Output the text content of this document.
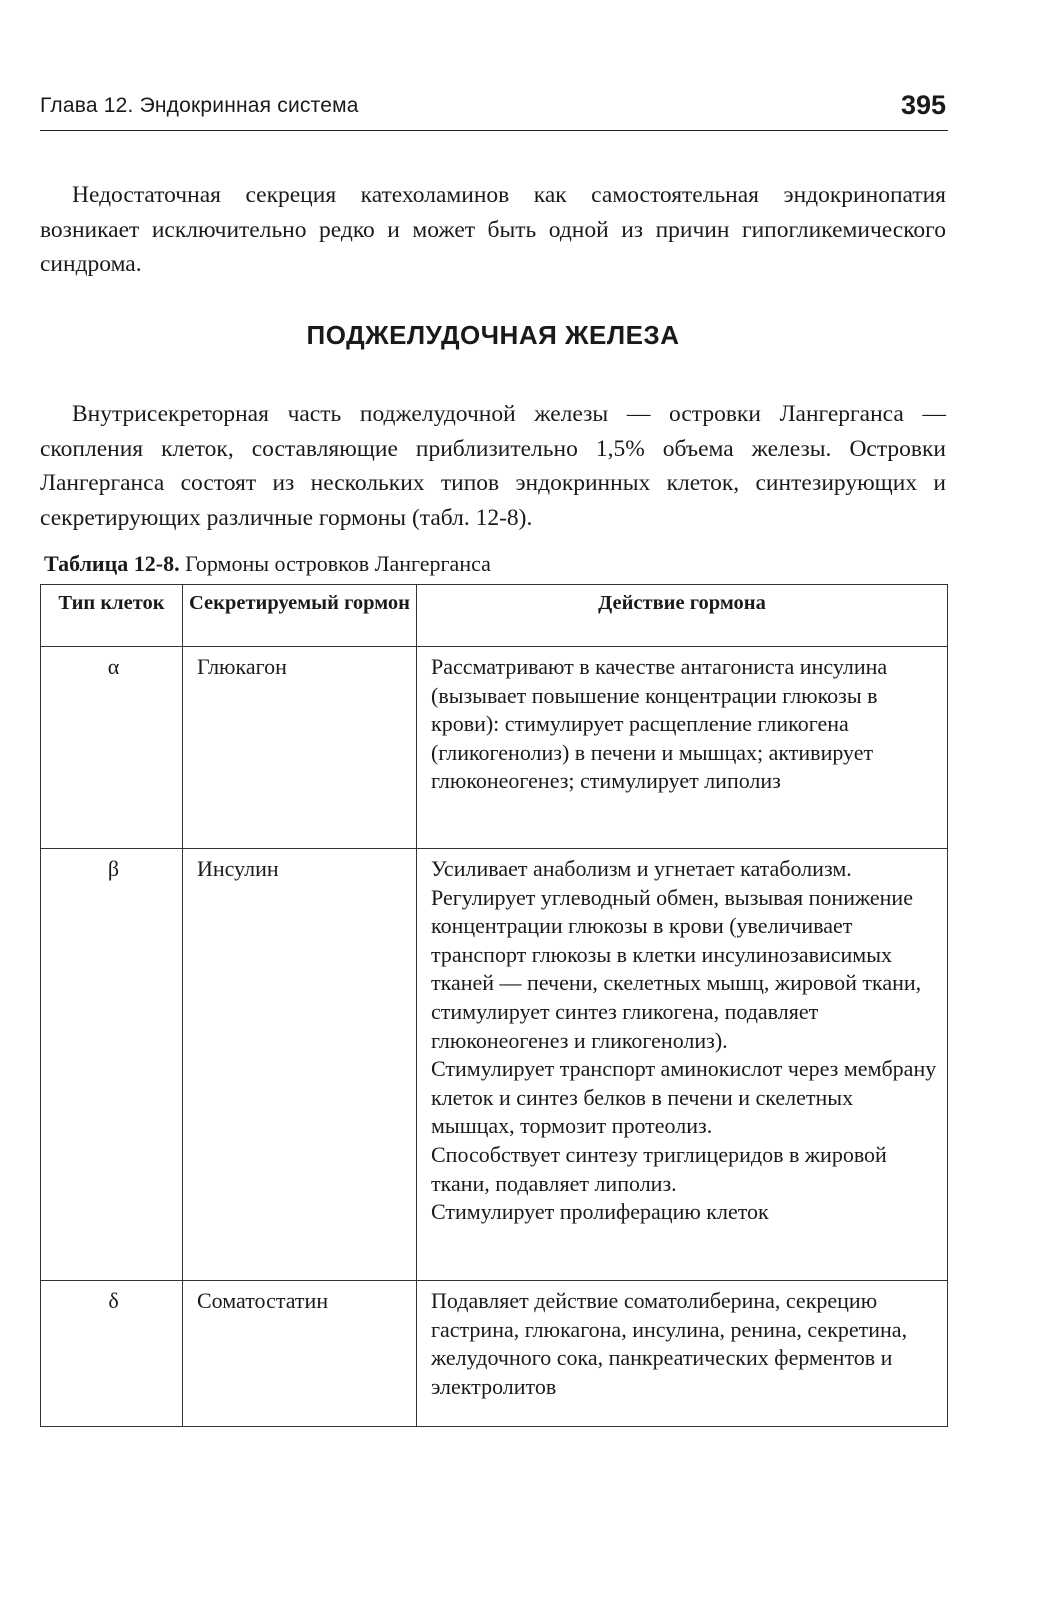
Глава 12. Эндокринная система	395

Недостаточная секреция катехоламинов как самостоятельная эндокринопатия возникает исключительно редко и может быть одной из причин гипогликемического синдрома.

ПОДЖЕЛУДОЧНАЯ ЖЕЛЕЗА

Внутрисекреторная часть поджелудочной железы — островки Лангерганса — скопления клеток, составляющие приблизительно 1,5% объема железы. Островки Лангерганса состоят из нескольких типов эндокринных клеток, синтезирующих и секретирующих различные гормоны (табл. 12-8).

Таблица 12-8. Гормоны островков Лангерганса
Тип клеток	Секретируемый гормон	Действие гормона
α	Глюкагон	Рассматривают в качестве антагониста инсулина (вызывает повышение концентрации глюкозы в крови): стимулирует расщепление гликогена (гликогенолиз) в печени и мышцах; активирует глюконеогенез; стимулирует липолиз

β	Инсулин	Усиливает анаболизм и угнетает катаболизм.
Регулирует углеводный обмен, вызывая понижение концентрации глюкозы в крови (увеличивает транспорт глюкозы в клетки инсулинозависимых тканей — печени, скелетных мышц, жировой ткани, стимулирует синтез гликогена, подавляет глюконеогенез и гликогенолиз).
Стимулирует транспорт аминокислот через мембрану клеток и синтез белков в печени и скелетных мышцах, тормозит протеолиз.
Способствует синтезу триглицеридов в жировой ткани, подавляет липолиз.
Стимулирует пролиферацию клеток

δ	Соматостатин	Подавляет действие соматолиберина, секрецию гастрина, глюкагона, инсулина, ренина, секретина, желудочного сока, панкреатических ферментов и электролитов
